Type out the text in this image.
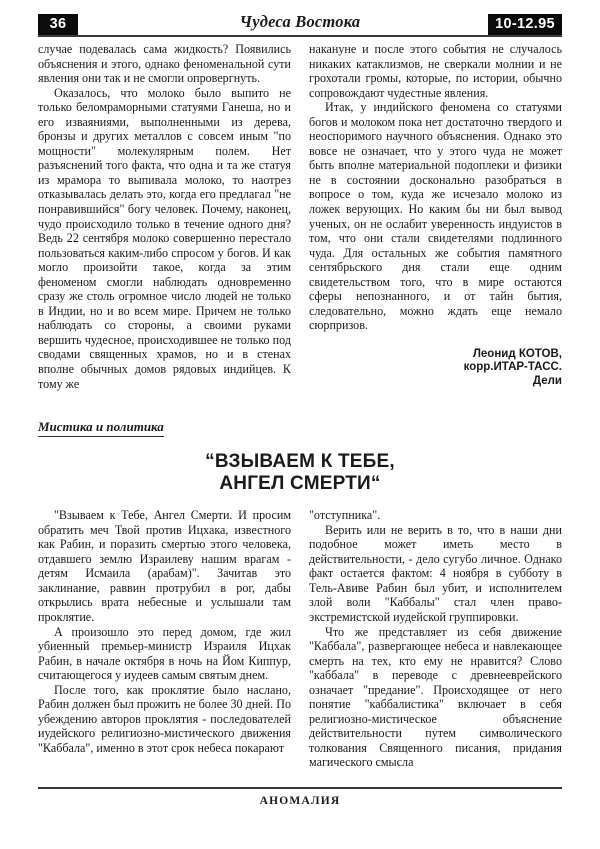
36	Чудеса Востока	10-12.95

случае подевалась сама жидкость? Появились объяснения и этого, однако феноменальной сути явления они так и не смогли опровергнуть.

Оказалось, что молоко было выпито не только беломраморными статуями Ганеша, но и его изваяниями, выполненными из дерева, бронзы и других металлов с совсем иным "по мощности" молекулярным полем. Нет разъяснений того факта, что одна и та же статуя из мрамора то выпивала молоко, то наотрез отказывалась делать это, когда его предлагал "не понравившийся" богу человек. Почему, наконец, чудо происходило только в течение одного дня? Ведь 22 сентября молоко совершенно перестало пользоваться каким-либо спросом у богов. И как могло произойти такое, когда за этим феноменом смогли наблюдать одновременно сразу же столь огромное число людей не только в Индии, но и во всем мире. Причем не только наблюдать со стороны, а своими руками вершить чудесное, происходившее не только под сводами священных храмов, но и в стенах вполне обычных домов рядовых индийцев. К тому же

накануне и после этого события не случалось никаких катаклизмов, не сверкали молнии и не грохотали громы, которые, по истории, обычно сопровождают чудестные явления.

Итак, у индийского феномена со статуями богов и молоком пока нет достаточно твердого и неоспоримого научного объяснения. Однако это вовсе не означает, что у этого чуда не может быть вполне материальной подоплеки и физики не в состоянии досконально разобраться в вопросе о том, куда же исчезало молоко из ложек верующих. Но каким бы ни был вывод ученых, он не ослабит уверенность индуистов в том, что они стали свидетелями подлинного чуда. Для остальных же события памятного сентябрьского дня стали еще одним свидетельством того, что в мире остаются сферы непознанного, и от тайн бытия, следовательно, можно ждать еще немало сюрпризов.

Леонид КОТОВ,
корр.ИТАР-ТАСС.
Дели
Мистика и политика
“ВЗЫВАЕМ К ТЕБЕ,
АНГЕЛ СМЕРТИ“

"Взываем к Тебе, Ангел Смерти. И просим обратить меч Твой против Ицхака, известного как Рабин, и поразить смертью этого человека, отдавшего землю Израилеву нашим врагам - детям Исмаила (арабам)". Зачитав это заклинание, раввин протрубил в рог, дабы открылись врата небесные и услышали там проклятие.

А произошло это перед домом, где жил убиенный премьер-министр Израиля Ицхак Рабин, в начале октября в ночь на Йом Киппур, считающегося у иудеев самым святым днем.

После того, как проклятие было наслано, Рабин должен был прожить не более 30 дней. По убеждению авторов проклятия - последователей иудейского религиозно-мистического движения "Каббала", именно в этот срок небеса покарают

"отступника".

Верить или не верить в то, что в наши дни подобное может иметь место в действительности, - дело сугубо личное. Однако факт остается фактом: 4 ноября в субботу в Тель-Авиве Рабин был убит, и исполнителем злой воли "Каббалы" стал член право-экстремистской иудейской группировки.

Что же представляет из себя движение "Каббала", развергающее небеса и навлекающее смерть на тех, кто ему не нравится? Слово "каббала" в переводе с древнееврейского означает "предание". Происходящее от него понятие "каббалистика" включает в себя религиозно-мистическое объяснение действительности путем символического толкования Священного писания, придания магического смысла

АНОМАЛИЯ
